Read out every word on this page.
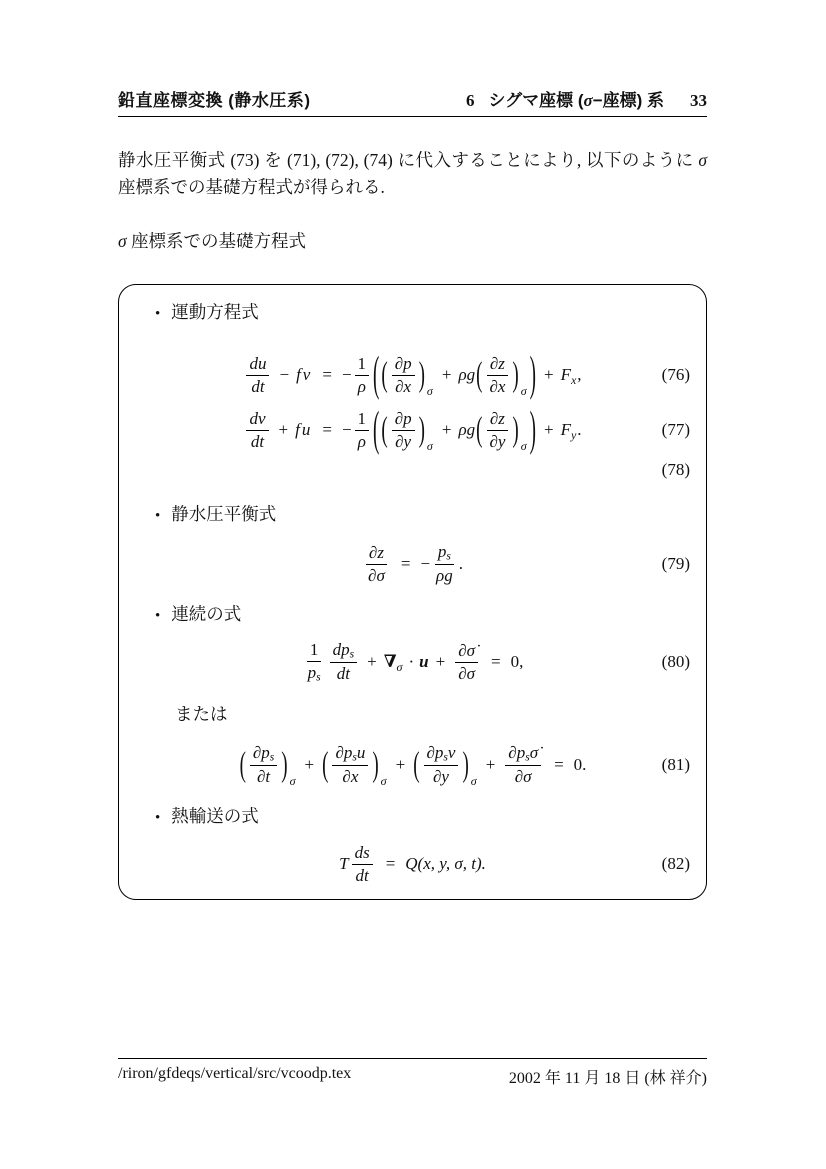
鉛直座標変換 (静水圧系)	6 シグマ座標 (σ−座標) 系 33

静水圧平衡式 (73) を (71), (72), (74) に代入することにより, 以下のように σ 座標系での基礎方程式が得られる.

σ 座標系での基礎方程式

• 運動方程式
$\frac{du}{dt}$ − fv = − $\frac{1}{\rho}$ ( ( $\frac{\partial p}{\partial x}$ ) σ
+ ρg ( $\frac{\partial z}{\partial x}$ ) σ ) + F x ,	(76)
$\frac{dv}{dt}$ + fu = − $\frac{1}{\rho}$ ( ( $\frac{\partial p}{\partial y}$ ) σ
+ ρg ( $\frac{\partial z}{\partial y}$ ) σ ) + F y .	(77)
(78)
• 静水圧平衡式
$\frac{\partial z}{\partial\sigma}$ = − $\frac{ps}{\rho g}$ .	(79)
• 連続の式
$\frac{1}{ps}$ dps
dt
+ ∇ $\sigma \cdot u + \frac{\partial\sigmȧ}{\partial\sigma} = 0$,	(80)
または
( $\frac{\partial ps}{\partial t}$ ) σ
+ ( ∂psu
∂x ) σ
+ ( ∂psv
∂y ) σ
+
∂psσ̇
∂σ
= 0.	(81)
• 熱輸送の式
T $\frac{ds}{dt} = Q(x$, y, σ, t).	(82)
/riron/gfdeqs/vertical/src/vcoodp.tex	2002 年 11 月 18 日 (林 祥介)
